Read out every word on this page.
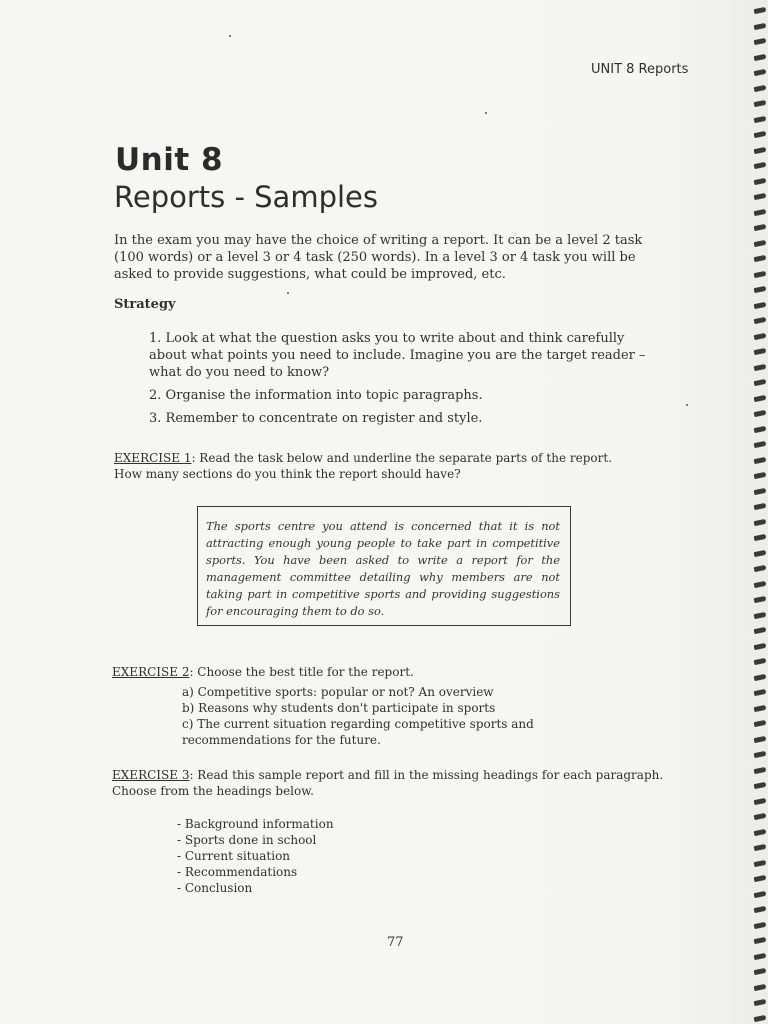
UNIT 8 Reports
Unit 8
Reports - Samples
In the exam you may have the choice of writing a report. It can be a level 2 task (100 words) or a level 3 or 4 task (250 words). In a level 3 or 4 task you will be asked to provide suggestions, what could be improved, etc.
Strategy
1. Look at what the question asks you to write about and think carefully about what points you need to include. Imagine you are the target reader – what do you need to know?
2. Organise the information into topic paragraphs.
3. Remember to concentrate on register and style.
EXERCISE 1: Read the task below and underline the separate parts of the report.
How many sections do you think the report should have?
The sports centre you attend is concerned that it is not attracting enough young people to take part in competitive sports. You have been asked to write a report for the management committee detailing why members are not taking part in competitive sports and providing suggestions for encouraging them to do so.
EXERCISE 2: Choose the best title for the report.
a) Competitive sports: popular or not? An overview
b) Reasons why students don't participate in sports
c) The current situation regarding competitive sports and recommendations for the future.
EXERCISE 3: Read this sample report and fill in the missing headings for each paragraph.
Choose from the headings below.
- Background information
- Sports done in school
- Current situation
- Recommendations
- Conclusion
77
